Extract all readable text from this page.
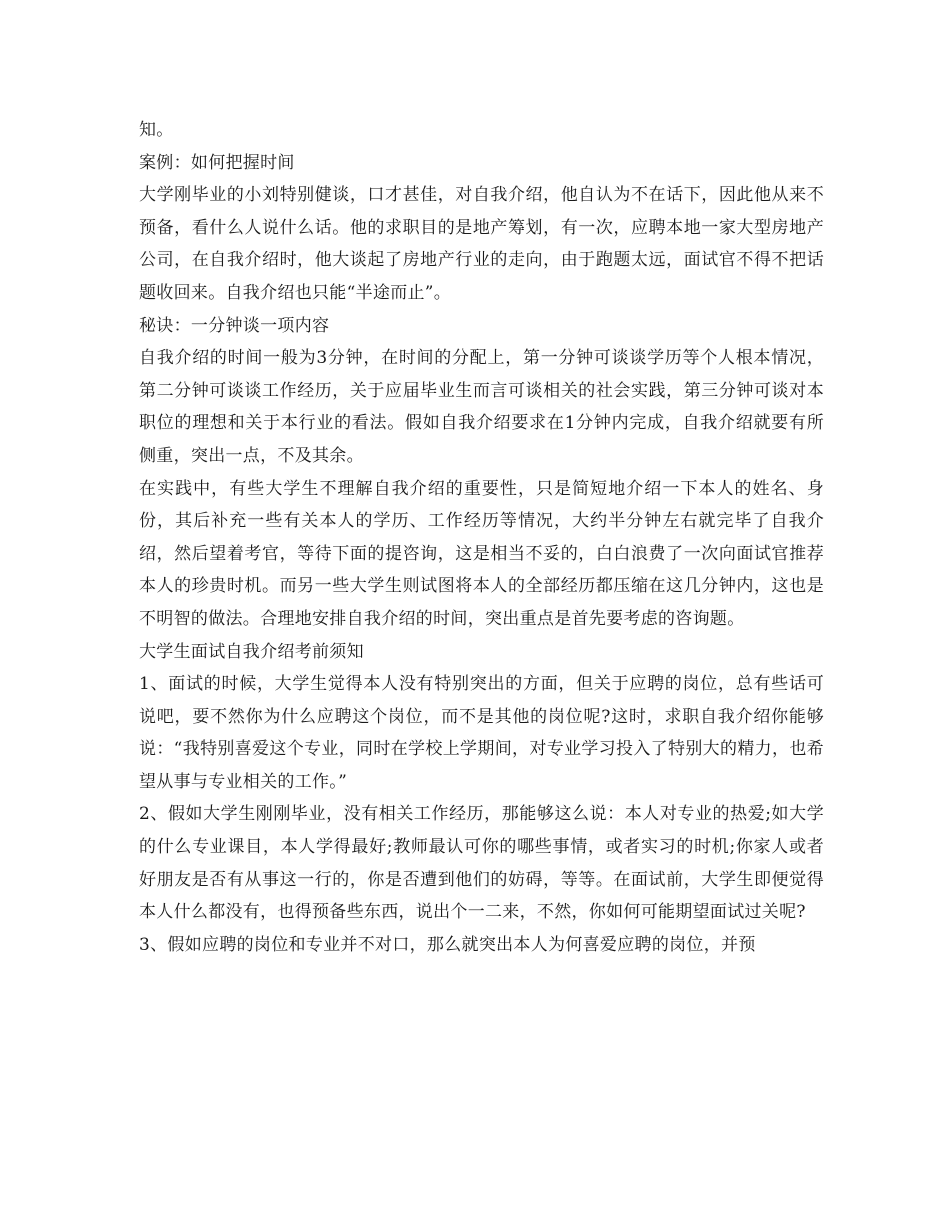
知。

案例：如何把握时间

大学刚毕业的小刘特别健谈，口才甚佳，对自我介绍，他自认为不在话下，因此他从来不预备，看什么人说什么话。他的求职目的是地产筹划，有一次，应聘本地一家大型房地产公司，在自我介绍时，他大谈起了房地产行业的走向，由于跑题太远，面试官不得不把话题收回来。自我介绍也只能“半途而止”。

秘诀：一分钟谈一项内容

自我介绍的时间一般为3分钟，在时间的分配上，第一分钟可谈谈学历等个人根本情况，第二分钟可谈谈工作经历，关于应届毕业生而言可谈相关的社会实践，第三分钟可谈对本职位的理想和关于本行业的看法。假如自我介绍要求在1分钟内完成，自我介绍就要有所侧重，突出一点，不及其余。

在实践中，有些大学生不理解自我介绍的重要性，只是简短地介绍一下本人的姓名、身份，其后补充一些有关本人的学历、工作经历等情况，大约半分钟左右就完毕了自我介绍，然后望着考官，等待下面的提咨询，这是相当不妥的，白白浪费了一次向面试官推荐本人的珍贵时机。而另一些大学生则试图将本人的全部经历都压缩在这几分钟内，这也是不明智的做法。合理地安排自我介绍的时间，突出重点是首先要考虑的咨询题。

大学生面试自我介绍考前须知

1、面试的时候，大学生觉得本人没有特别突出的方面，但关于应聘的岗位，总有些话可说吧，要不然你为什么应聘这个岗位，而不是其他的岗位呢?这时，求职自我介绍你能够说：“我特别喜爱这个专业，同时在学校上学期间，对专业学习投入了特别大的精力，也希望从事与专业相关的工作。”

2、假如大学生刚刚毕业，没有相关工作经历，那能够这么说：本人对专业的热爱;如大学的什么专业课目，本人学得最好;教师最认可你的哪些事情，或者实习的时机;你家人或者好朋友是否有从事这一行的，你是否遭到他们的妨碍，等等。在面试前，大学生即便觉得本人什么都没有，也得预备些东西，说出个一二来，不然，你如何可能期望面试过关呢?

3、假如应聘的岗位和专业并不对口，那么就突出本人为何喜爱应聘的岗位，并预
